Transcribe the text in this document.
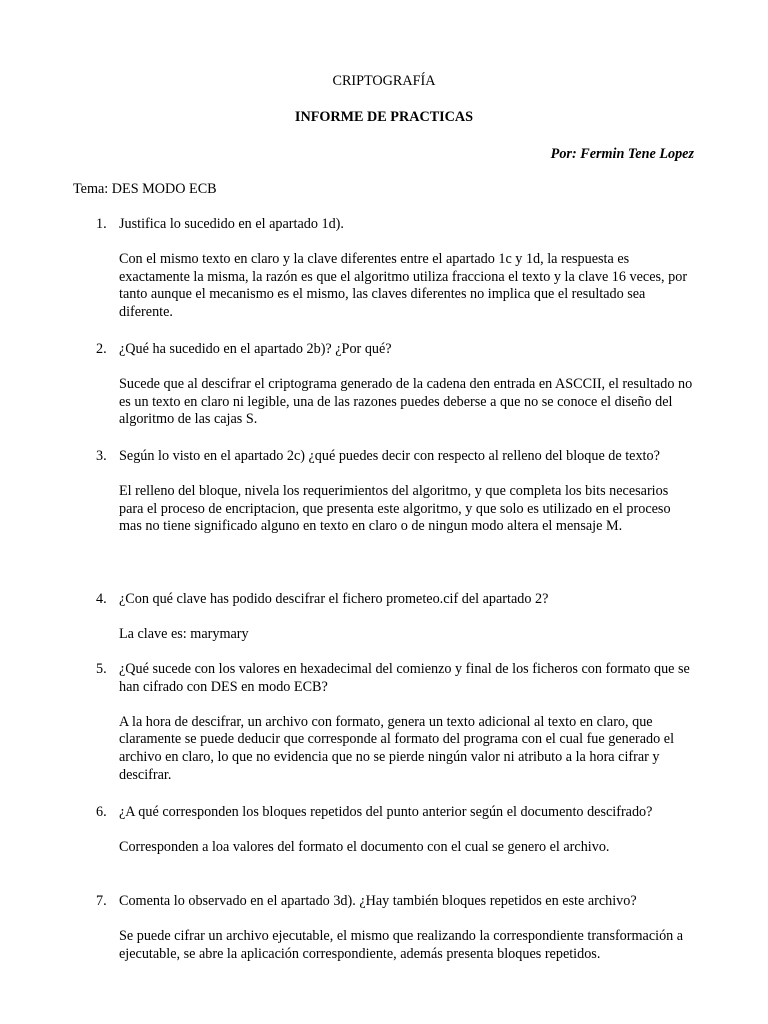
CRIPTOGRAFÍA
INFORME DE PRACTICAS
Por: Fermin Tene Lopez
Tema: DES MODO ECB
1. Justifica lo sucedido en el apartado 1d).
Con el mismo texto en claro y la clave diferentes entre el apartado 1c y 1d, la respuesta es exactamente la misma, la razón es que el algoritmo utiliza fracciona el texto y la clave 16 veces, por tanto aunque el mecanismo es el mismo, las claves diferentes no implica que el resultado sea diferente.
2. ¿Qué ha sucedido en el apartado 2b)? ¿Por qué?
Sucede que al descifrar el criptograma generado de la cadena den entrada en ASCCII, el resultado no es un texto en claro ni legible, una de las razones puedes deberse a que no se conoce el diseño del algoritmo de las cajas S.
3. Según lo visto en el apartado 2c) ¿qué puedes decir con respecto al relleno del bloque de texto?
El relleno del bloque, nivela los requerimientos del algoritmo, y que completa los bits necesarios para el proceso de encriptacion, que presenta este algoritmo, y que solo es utilizado en el proceso mas no tiene significado alguno en texto en claro o de ningun modo altera el mensaje M.
4. ¿Con qué clave has podido descifrar el fichero prometeo.cif del apartado 2?
La clave es: marymary
5. ¿Qué sucede con los valores en hexadecimal del comienzo y final de los ficheros con formato que se han cifrado con DES en modo ECB?
A la hora de descifrar, un archivo con formato, genera un texto adicional al texto en claro, que claramente se puede deducir que corresponde al formato del programa con el cual fue generado el archivo en claro, lo que no evidencia que no se pierde ningún valor ni atributo a la hora cifrar y descifrar.
6. ¿A qué corresponden los bloques repetidos del punto anterior según el documento descifrado?
Corresponden a loa valores del formato el documento con el cual se genero el archivo.
7. Comenta lo observado en el apartado 3d). ¿Hay también bloques repetidos en este archivo?
Se puede cifrar un archivo ejecutable, el mismo que realizando la correspondiente transformación a ejecutable, se abre la aplicación correspondiente, además presenta bloques repetidos.
